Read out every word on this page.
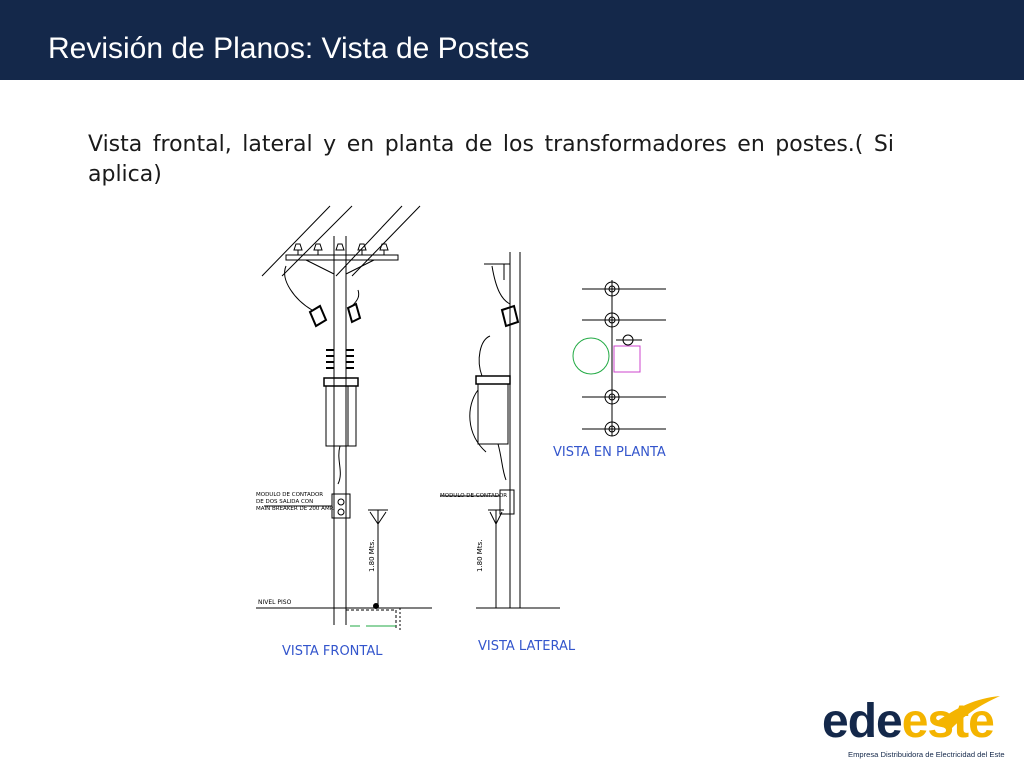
Revisión de Planos: Vista de Postes
Vista frontal, lateral y en planta de los transformadores en postes.( Si aplica)
MODULO DE CONTADOR
DE DOS SALIDA CON
MAIN BREAKER DE 200 AMP.
MODULO DE CONTADOR
1.80 Mts.	1.80 Mts.
NIVEL PISO
VISTA FRONTAL	VISTA LATERAL
VISTA EN PLANTA
edeeste
Empresa Distribuidora de Electricidad del Este
